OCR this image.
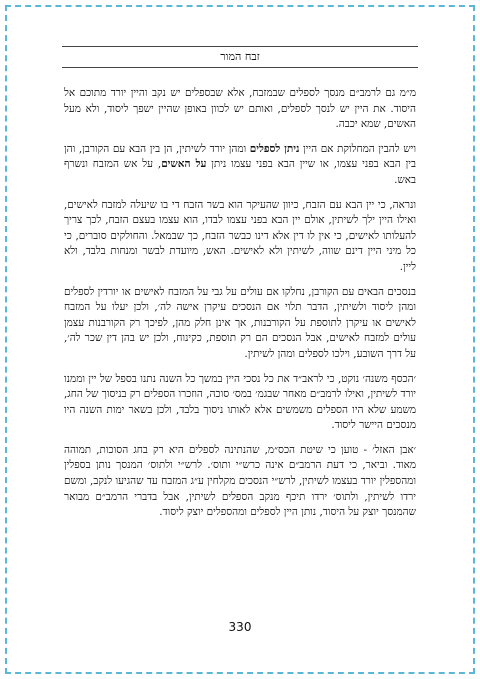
זבח המור

מ״מ גם לרמב״ם מנסך לספלים שבמזבח, אלא שבספלים יש נקב והיין יורד מתוכם אל היסוד. את היין יש לנסך לספלים, ואותם יש לכוון באופן שהיין ישפך ליסוד, ולא מעל האשים, שמא יכבה.

ויש להבין המחלוקת אם היין ניתן לספלים ומהן יורד לשיתין, הן בין הבא עם הקורבן, והן בין הבא בפני עצמו, או שיין הבא בפני עצמו ניתן על האשים, על אש המזבח ונשרף באש.

ונראה, כי יין הבא עם הזבח, כיוון שהעיקר הוא בשר הזבח די בו שיעלה למזבח לאישים, ואילו היין ילך לשיתין, אולם יין הבא בפני עצמו לבדו, הוא עצמו בעצם הזבח, לכך צריך להעלותו לאישים, כי אין לו דין אלא דינו כבשר הזבח, כך שבמאל. והחולקים סוברים, כי כל מיני היין דינם שווה, לשיתין ולא לאישים. האש, מיועדת לבשר ומנחות בלבד, ולא ליין.

בנסכים הבאים עם הקורבן, נחלקו אם עולים על גבי על המזבח לאישים או יורדין לספלים ומהן ליסוד ולשיתין, הדבר תלוי אם הנסכים עיקרן אישה לה׳, ולכן יעלו על המזבח לאישים או עיקרן לתוספת על הקורבנות, אך אינן חלק מהן, לפיכך רק הקורבנות עצמן עולים למזבח לאישים, אבל הנסכים הם רק תוספת, כקינוח, ולכן יש בהן דין שכר לה׳, על דרך השובע, וילכו לספלים ומהן לשיתין.

׳הכסף משנה׳ נוקט, כי לראב״ד את כל נסכי היין במשך כל השנה נתנו בספל של יין וממנו יורד לשיתין, ואילו לרמב״ם מאחר שבגמ׳ במס׳ סוכה, הוזכרו הספלים רק בניסוך של החג, משמע שלא היו הספלים משמשים אלא לאותו ניסוך בלבד, ולכן בשאר ימות השנה היו מנסכים היישר ליסוד.

׳אבן האזל׳ - טוען כי שיטת הכס״מ, שהנתינה לספלים היא רק בחג הסוכות, תמוהה מאוד. וביאר, כי דעת הרמב״ם אינה כרש״י ותוס׳. לרש״י ולתוס׳ המנסך נותן בספלין ומהספלין יורד בעצמו לשיתין, לרש״י הנסכים מקלחין ע״ג המזבח עד שהגיעו לנקב, ומשם ירדו לשיתין, ולתוס׳ ירדו תיכף מנקב הספלים לשיתין, אבל בדברי הרמב״ם מבואר שהמנסך יוצק על היסוד, נותן היין לספלים ומהספלים יוצק ליסוד.

330
